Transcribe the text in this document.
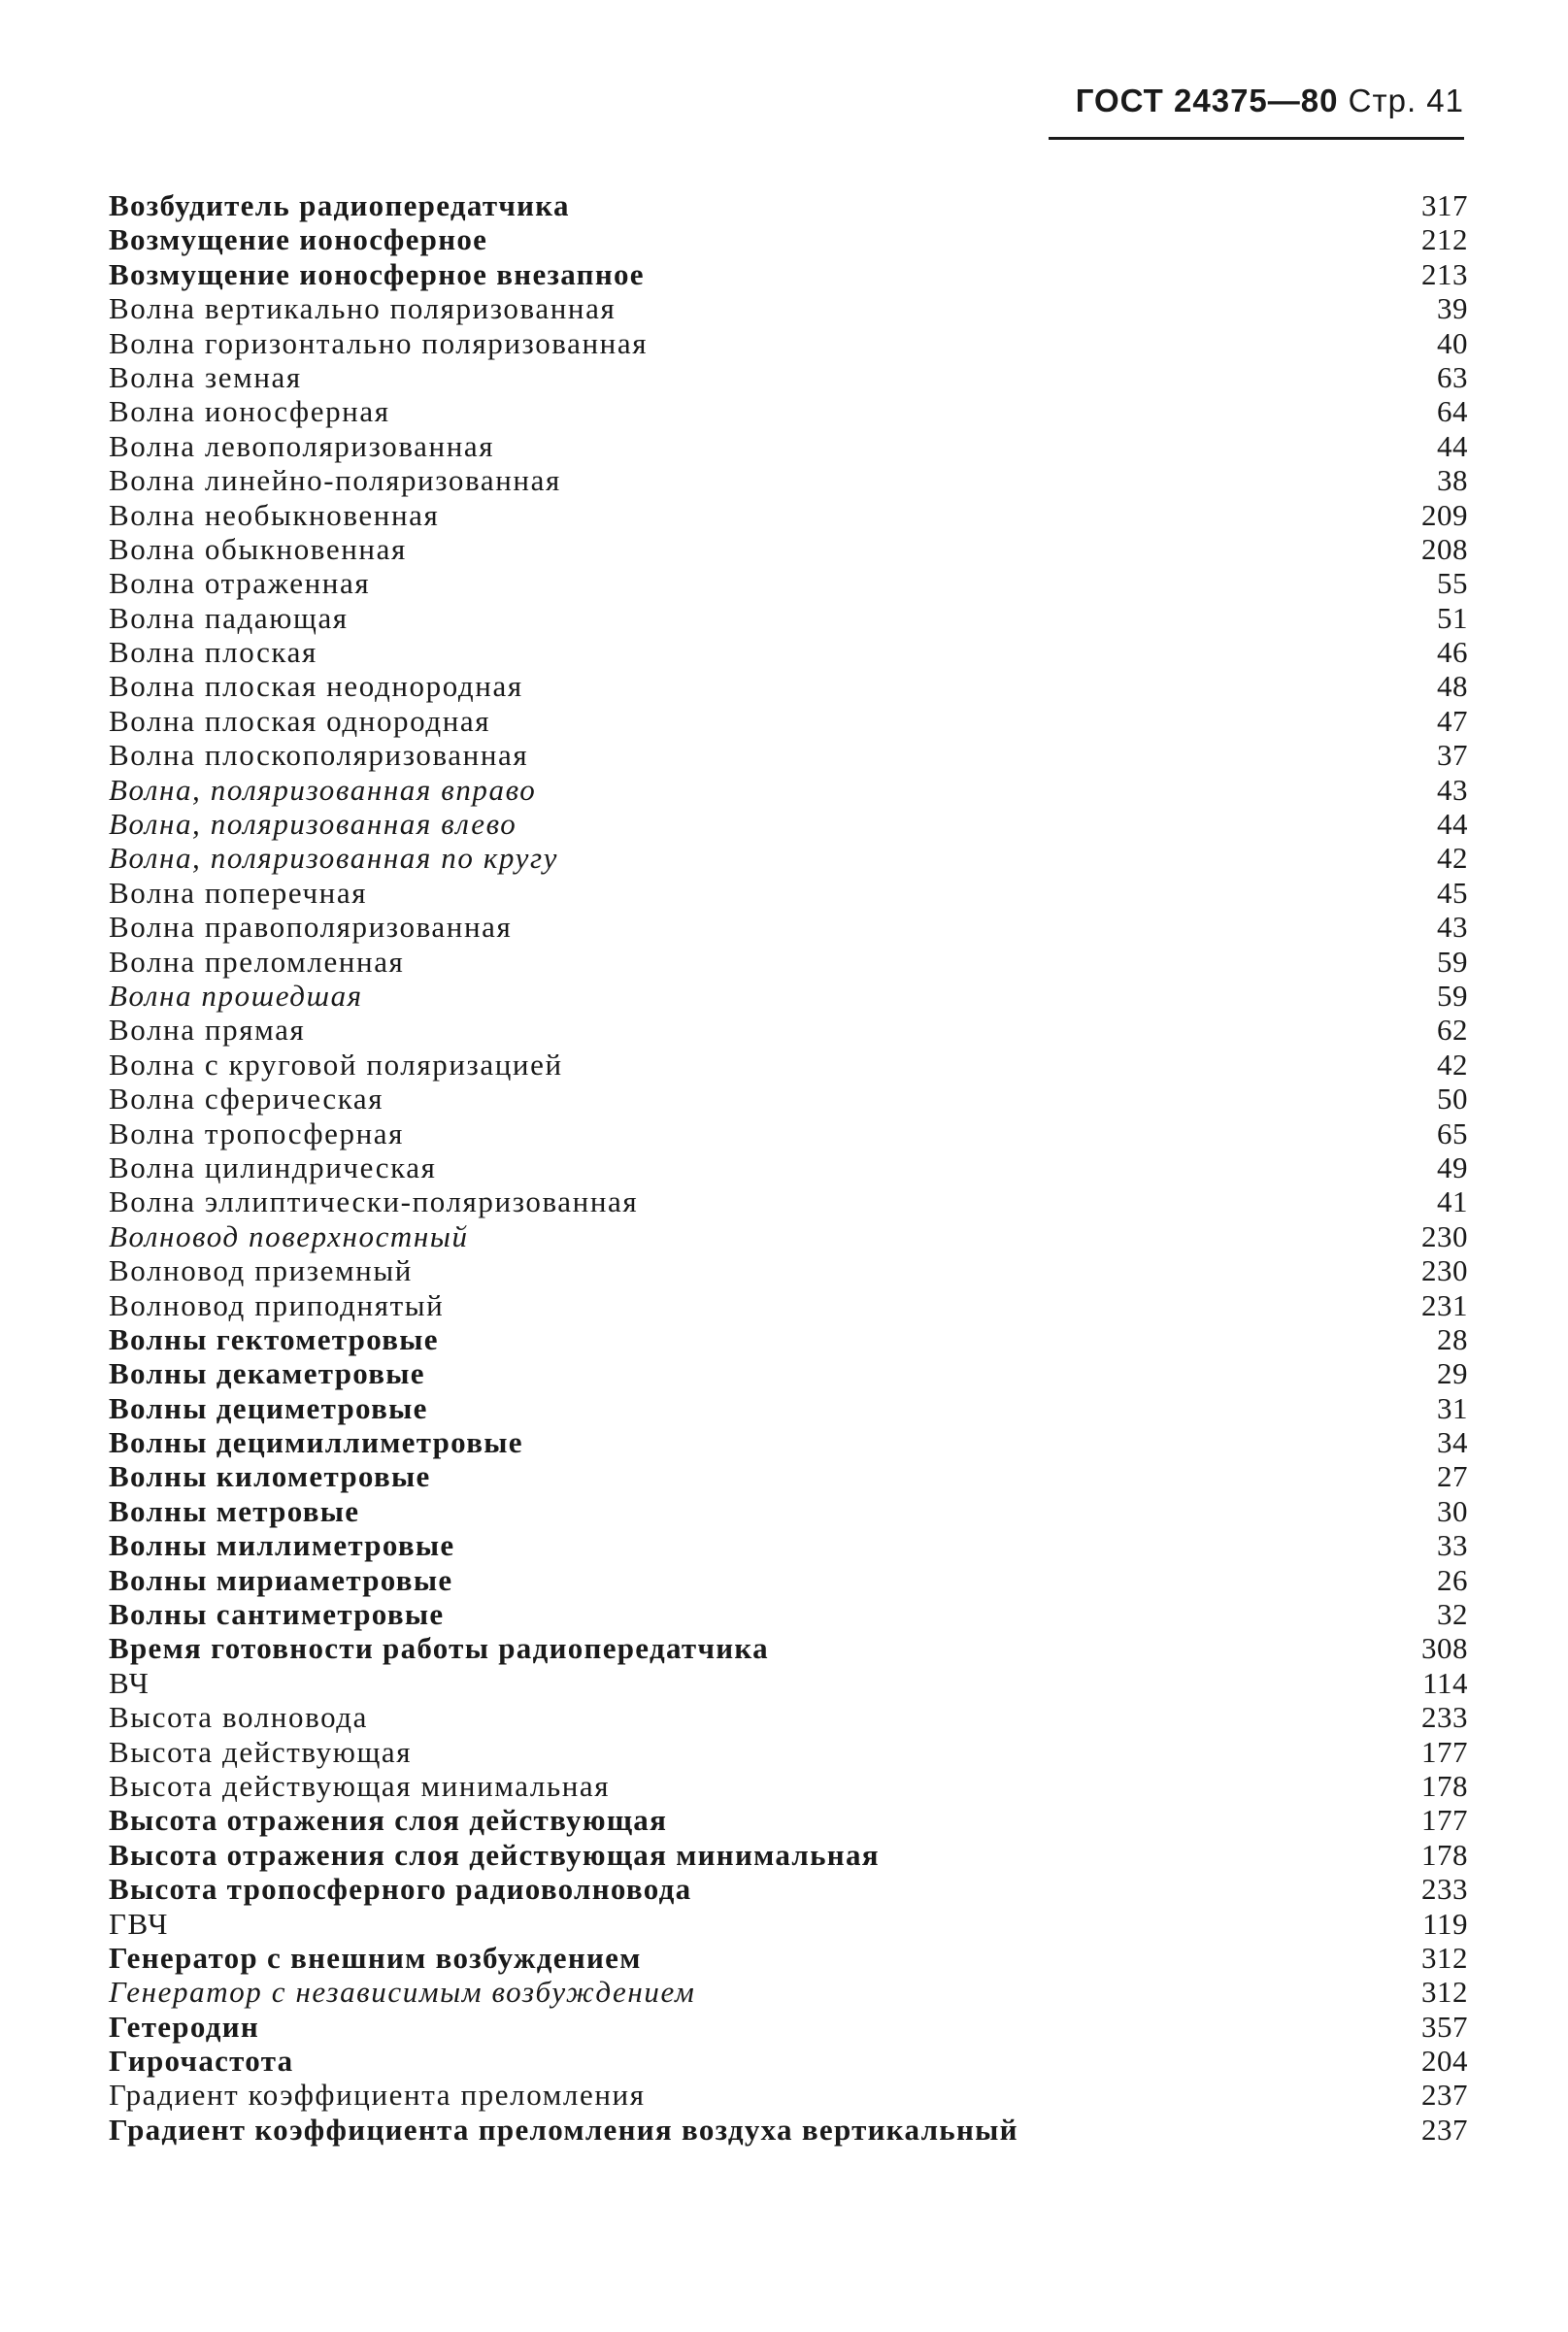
ГОСТ 24375—80 Стр. 41
Возбудитель радиопередатчика	317
Возмущение ионосферное	212
Возмущение ионосферное внезапное	213
Волна вертикально поляризованная	39
Волна горизонтально поляризованная	40
Волна земная	63
Волна ионосферная	64
Волна левополяризованная	44
Волна линейно-поляризованная	38
Волна необыкновенная	209
Волна обыкновенная	208
Волна отраженная	55
Волна падающая	51
Волна плоская	46
Волна плоская неоднородная	48
Волна плоская однородная	47
Волна плоскополяризованная	37
Волна, поляризованная вправо	43
Волна, поляризованная влево	44
Волна, поляризованная по кругу	42
Волна поперечная	45
Волна правополяризованная	43
Волна преломленная	59
Волна прошедшая	59
Волна прямая	62
Волна с круговой поляризацией	42
Волна сферическая	50
Волна тропосферная	65
Волна цилиндрическая	49
Волна эллиптически-поляризованная	41
Волновод поверхностный	230
Волновод приземный	230
Волновод приподнятый	231
Волны гектометровые	28
Волны декаметровые	29
Волны дециметровые	31
Волны децимиллиметровые	34
Волны километровые	27
Волны метровые	30
Волны миллиметровые	33
Волны мириаметровые	26
Волны сантиметровые	32
Время готовности работы радиопередатчика	308
ВЧ	114
Высота волновода	233
Высота действующая	177
Высота действующая минимальная	178
Высота отражения слоя действующая	177
Высота отражения слоя действующая минимальная	178
Высота тропосферного радиоволновода	233
ГВЧ	119
Генератор с внешним возбуждением	312
Генератор с независимым возбуждением	312
Гетеродин	357
Гирочастота	204
Градиент коэффициента преломления	237
Градиент коэффициента преломления воздуха вертикальный	237
